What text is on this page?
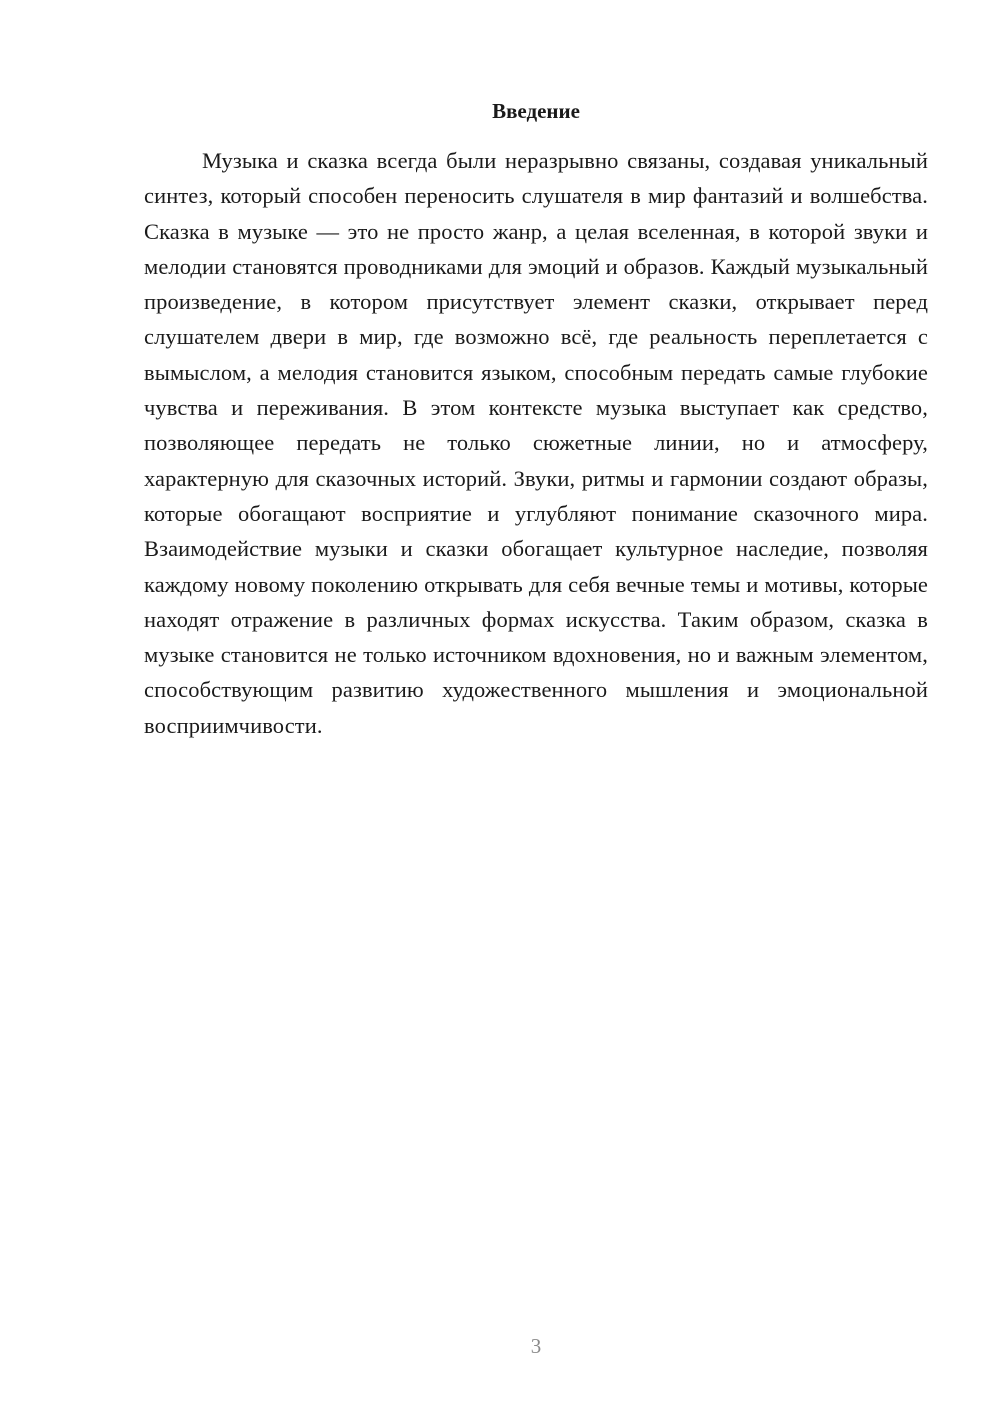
Введение

Музыка и сказка всегда были неразрывно связаны, создавая уникальный синтез, который способен переносить слушателя в мир фантазий и волшебства. Сказка в музыке — это не просто жанр, а целая вселенная, в которой звуки и мелодии становятся проводниками для эмоций и образов. Каждый музыкальный произведение, в котором присутствует элемент сказки, открывает перед слушателем двери в мир, где возможно всё, где реальность переплетается с вымыслом, а мелодия становится языком, способным передать самые глубокие чувства и переживания. В этом контексте музыка выступает как средство, позволяющее передать не только сюжетные линии, но и атмосферу, характерную для сказочных историй. Звуки, ритмы и гармонии создают образы, которые обогащают восприятие и углубляют понимание сказочного мира. Взаимодействие музыки и сказки обогащает культурное наследие, позволяя каждому новому поколению открывать для себя вечные темы и мотивы, которые находят отражение в различных формах искусства. Таким образом, сказка в музыке становится не только источником вдохновения, но и важным элементом, способствующим развитию художественного мышления и эмоциональной восприимчивости.

3
